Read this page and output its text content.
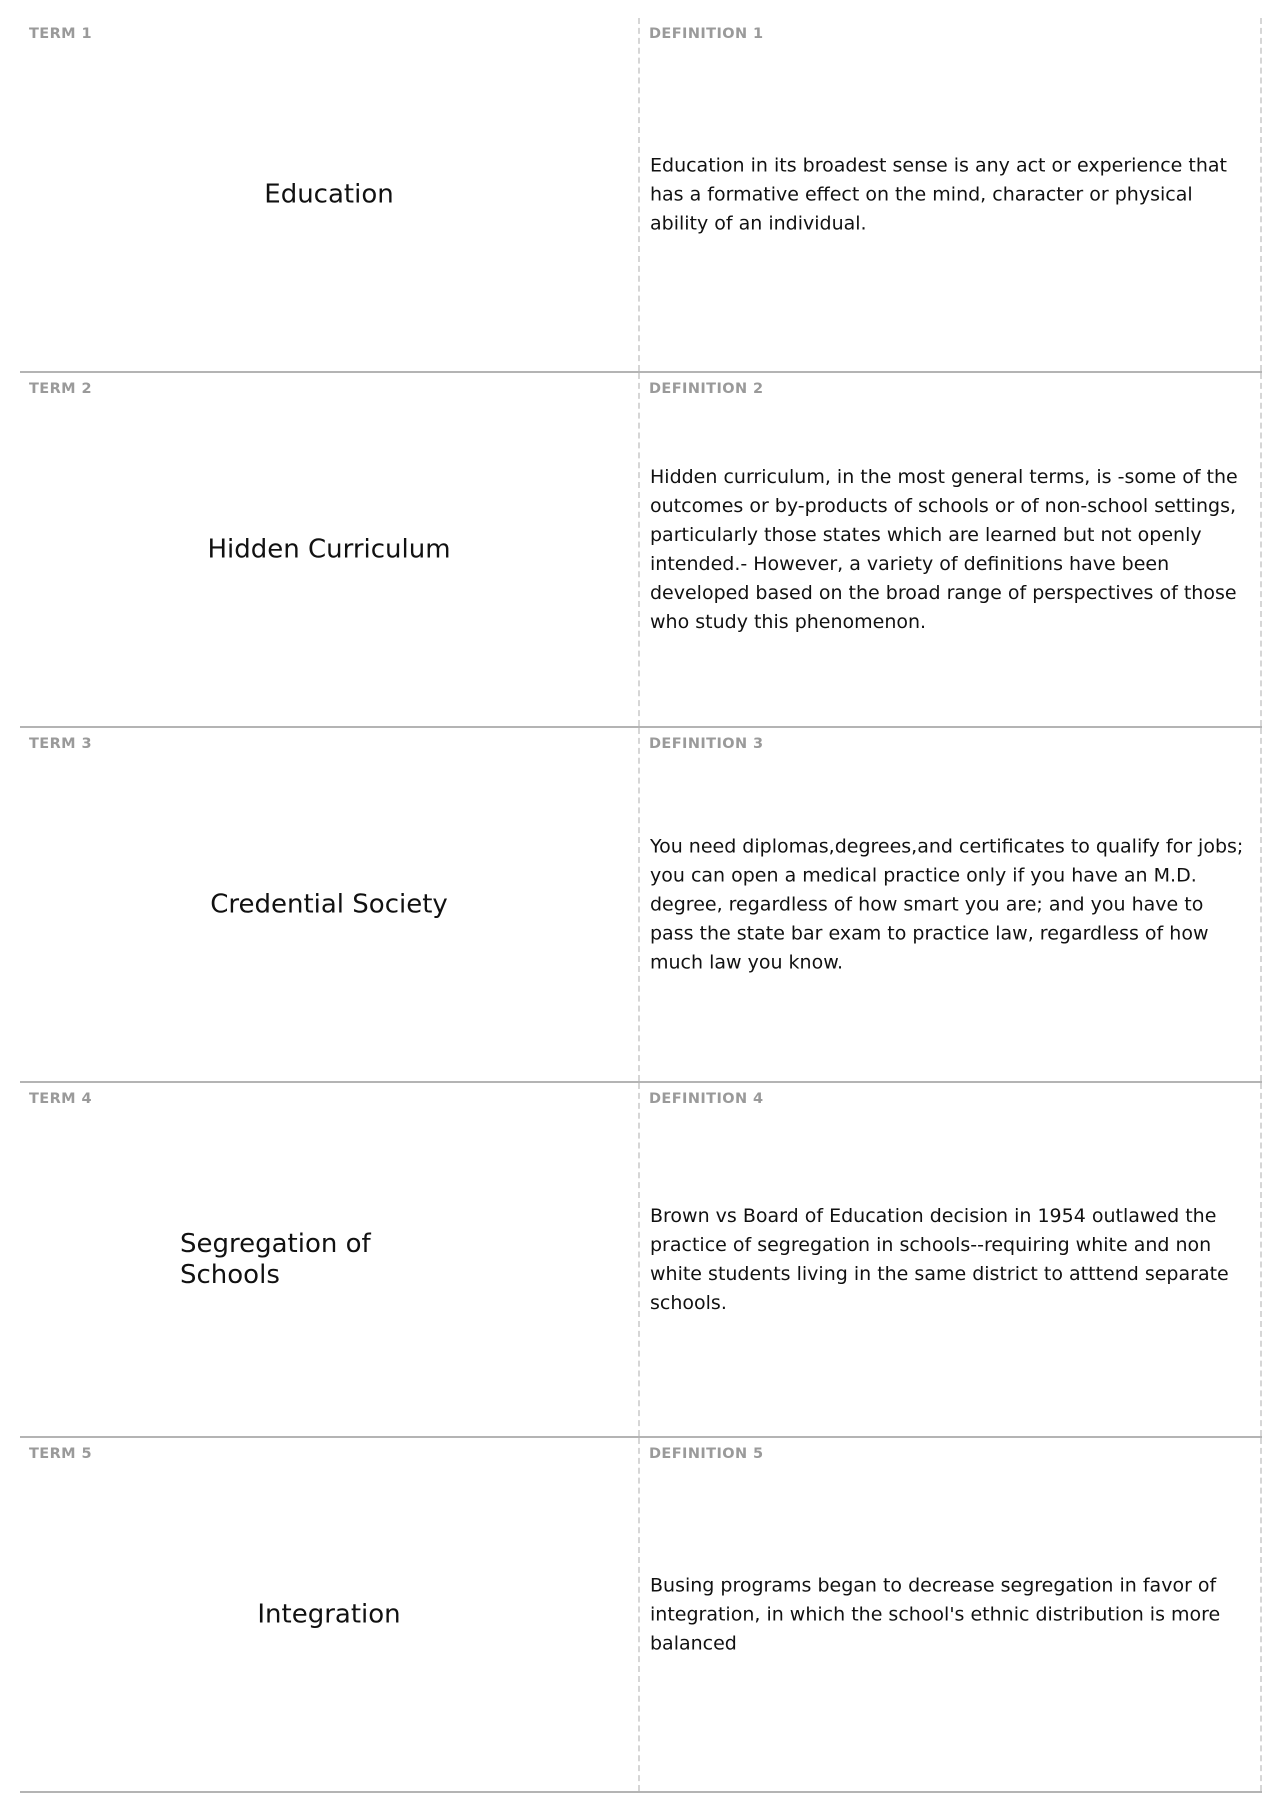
TERM 1
Education
DEFINITION 1
Education in its broadest sense is any act or experience that has a formative effect on the mind, character or physical ability of an individual.
TERM 2
Hidden Curriculum
DEFINITION 2
Hidden curriculum, in the most general terms, is -some of the outcomes or by-products of schools or of non-school settings, particularly those states which are learned but not openly intended.- However, a variety of definitions have been developed based on the broad range of perspectives of those who study this phenomenon.
TERM 3
Credential Society
DEFINITION 3
You need diplomas,degrees,and certificates to qualify for jobs; you can open a medical practice only if you have an M.D. degree, regardless of how smart you are; and you have to pass the state bar exam to practice law, regardless of how much law you know.
TERM 4
Segregation of Schools
DEFINITION 4
Brown vs Board of Education decision in 1954 outlawed the practice of segregation in schools--requiring white and non white students living in the same district to atttend separate schools.
TERM 5
Integration
DEFINITION 5
Busing programs began to decrease segregation in favor of integration, in which the school's ethnic distribution is more balanced
